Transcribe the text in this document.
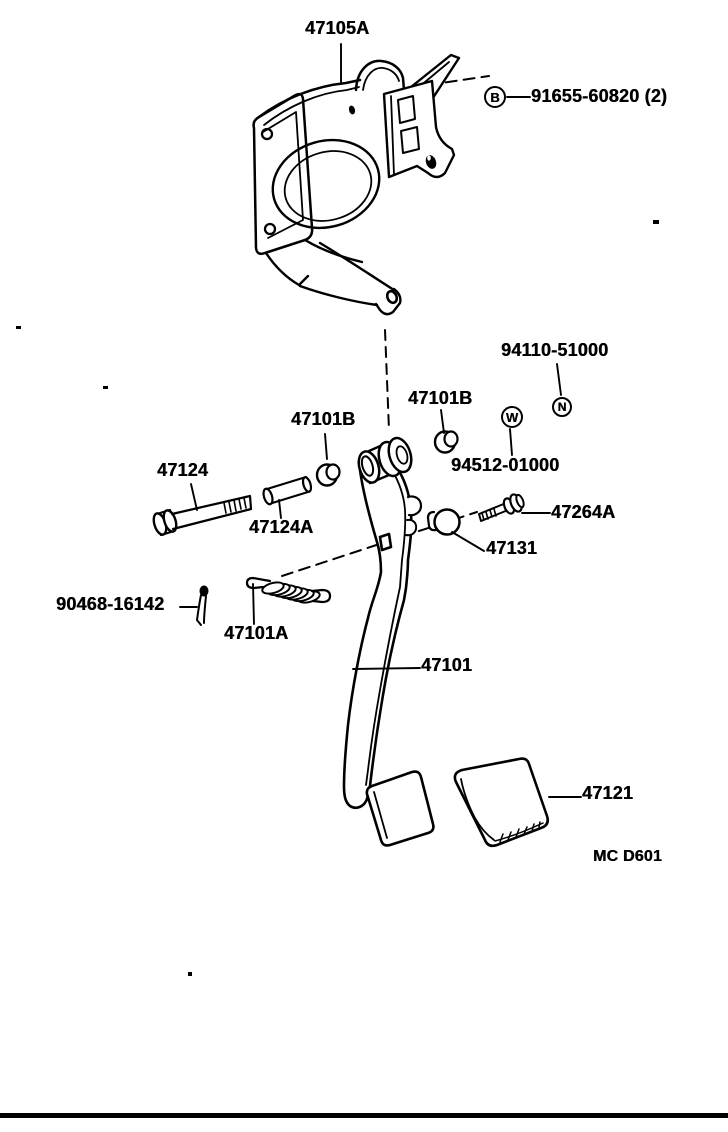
47105A
91655-60820 (2)
94110-51000
47101B
47101B
94512-01000
47124
47124A
47264A
47131
90468-16142
47101A
47101
47121
MC D601
B
W
N
